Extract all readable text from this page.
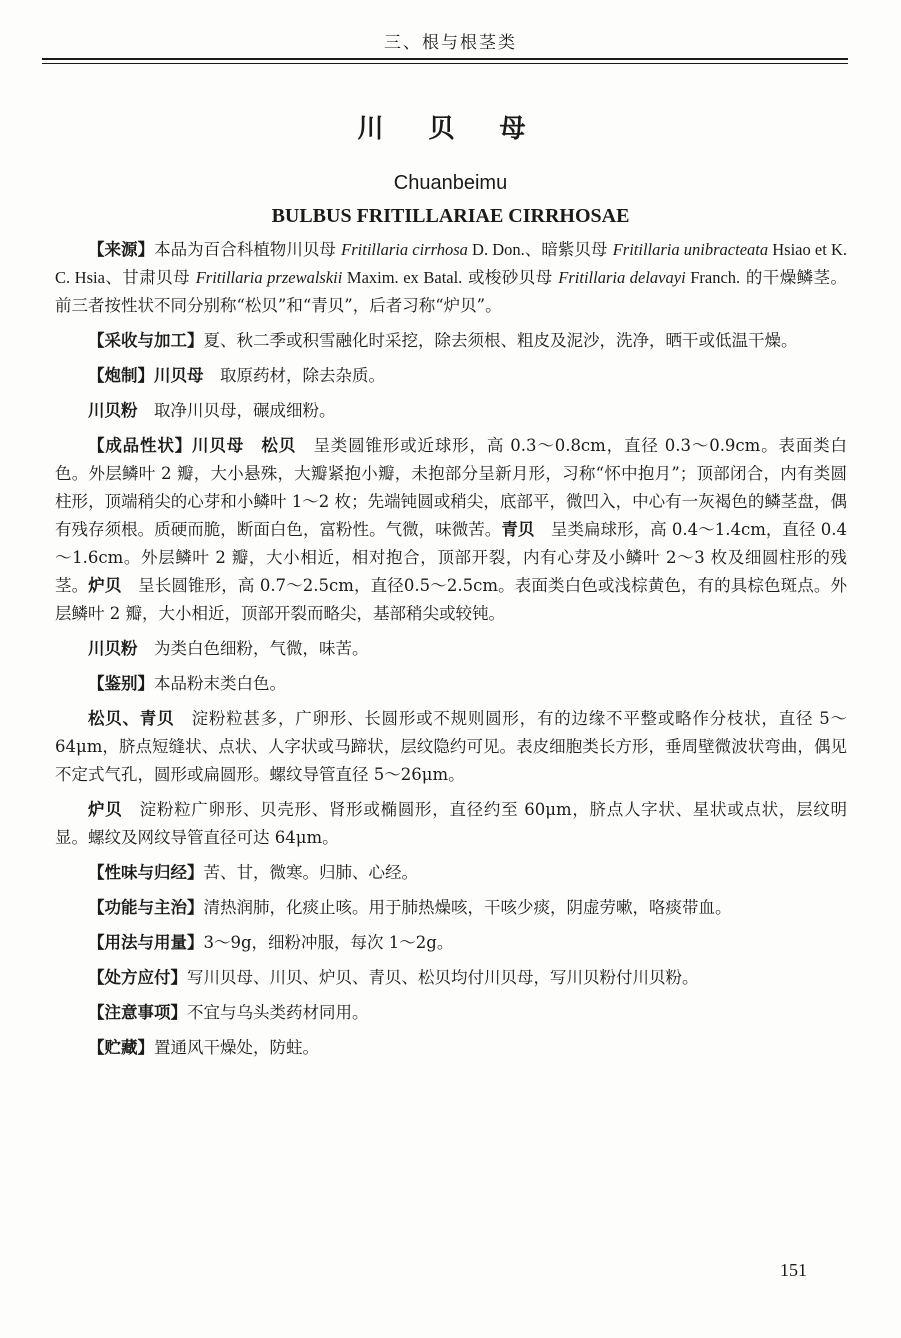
三、根与根茎类
川 贝 母
Chuanbeimu
BULBUS FRITILLARIAE CIRRHOSAE

【来源】本品为百合科植物川贝母 Fritillaria cirrhosa D. Don.、暗紫贝母 Fritillaria unibracteata Hsiao et K. C. Hsia、甘肃贝母 Fritillaria przewalskii Maxim. ex Batal. 或梭砂贝母 Fritillaria delavayi Franch. 的干燥鳞茎。前三者按性状不同分别称“松贝”和“青贝”，后者习称“炉贝”。

【采收与加工】夏、秋二季或积雪融化时采挖，除去须根、粗皮及泥沙，洗净，晒干或低温干燥。

【炮制】川贝母　取原药材，除去杂质。

川贝粉　取净川贝母，碾成细粉。

【成品性状】川贝母　 松贝　呈类圆锥形或近球形，高 0.3～0.8cm，直径 0.3～0.9cm。表面类白色。外层鳞叶 2 瓣，大小悬殊，大瓣紧抱小瓣，未抱部分呈新月形，习称“怀中抱月”；顶部闭合，内有类圆柱形，顶端稍尖的心芽和小鳞叶 1～2 枚；先端钝圆或稍尖，底部平，微凹入，中心有一灰褐色的鳞茎盘，偶有残存须根。质硬而脆，断面白色，富粉性。气微，味微苦。青贝　呈类扁球形，高 0.4～1.4cm，直径 0.4～1.6cm。外层鳞叶 2 瓣，大小相近，相对抱合，顶部开裂，内有心芽及小鳞叶 2～3 枚及细圆柱形的残茎。炉贝　呈长圆锥形，高 0.7～2.5cm，直径0.5～2.5cm。表面类白色或浅棕黄色，有的具棕色斑点。外层鳞叶 2 瓣，大小相近，顶部开裂而略尖，基部稍尖或较钝。

川贝粉　为类白色细粉，气微，味苦。

【鉴别】本品粉末类白色。

松贝、青贝　淀粉粒甚多，广卵形、长圆形或不规则圆形，有的边缘不平整或略作分枝状，直径 5～64μm，脐点短缝状、点状、人字状或马蹄状，层纹隐约可见。表皮细胞类长方形，垂周壁微波状弯曲，偶见不定式气孔，圆形或扁圆形。螺纹导管直径 5～26μm。

炉贝　淀粉粒广卵形、贝壳形、肾形或椭圆形，直径约至 60μm，脐点人字状、星状或点状，层纹明显。螺纹及网纹导管直径可达 64μm。

【性味与归经】苦、甘，微寒。归肺、心经。

【功能与主治】清热润肺，化痰止咳。用于肺热燥咳，干咳少痰，阴虚劳嗽，咯痰带血。

【用法与用量】3～9g，细粉冲服，每次 1～2g。

【处方应付】写川贝母、川贝、炉贝、青贝、松贝均付川贝母，写川贝粉付川贝粉。

【注意事项】不宜与乌头类药材同用。

【贮藏】置通风干燥处，防蛀。

151
